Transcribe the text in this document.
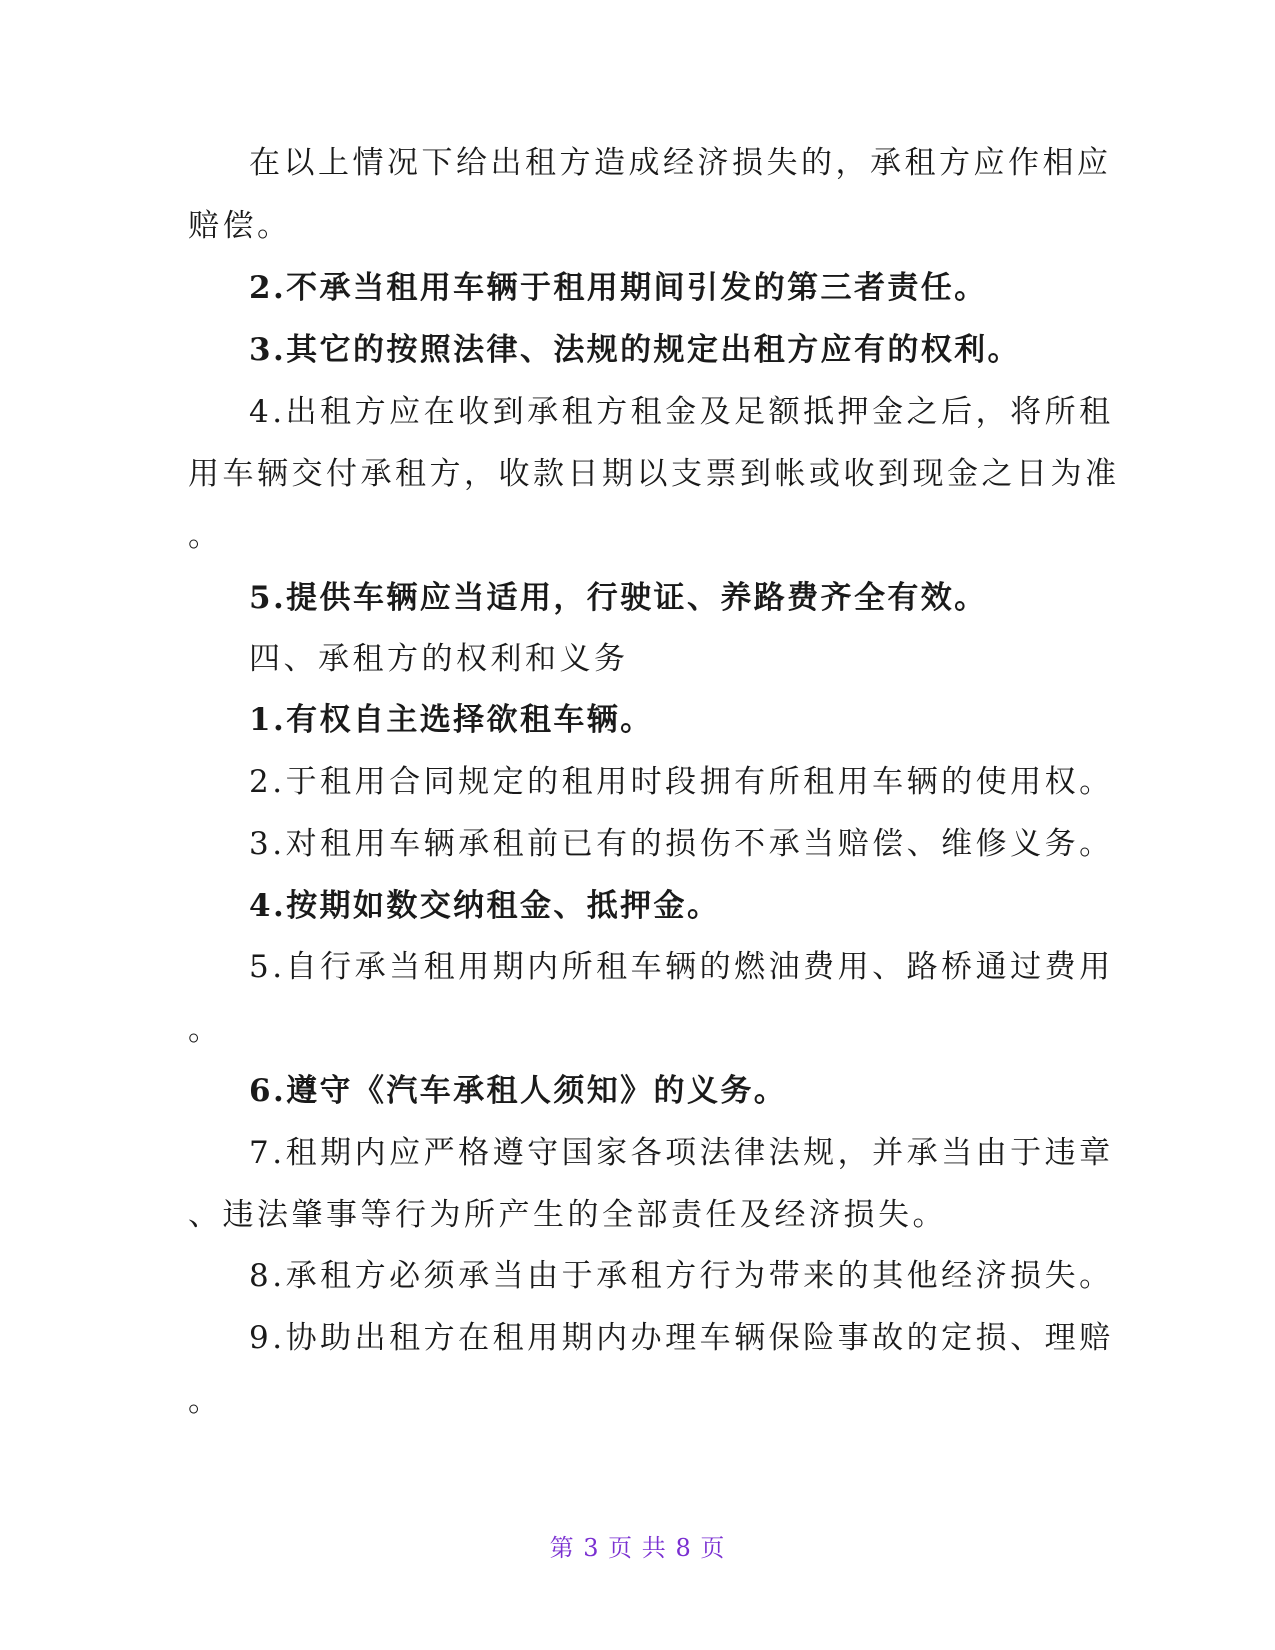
在以上情况下给出租方造成经济损失的，承租方应作相应

赔偿。

2.不承当租用车辆于租用期间引发的第三者责任。

3.其它的按照法律、法规的规定出租方应有的权利。

4.出租方应在收到承租方租金及足额抵押金之后，将所租

用车辆交付承租方，收款日期以支票到帐或收到现金之日为准

。

5.提供车辆应当适用，行驶证、养路费齐全有效。

四、承租方的权利和义务

1.有权自主选择欲租车辆。

2.于租用合同规定的租用时段拥有所租用车辆的使用权。

3.对租用车辆承租前已有的损伤不承当赔偿、维修义务。

4.按期如数交纳租金、抵押金。

5.自行承当租用期内所租车辆的燃油费用、路桥通过费用

。

6.遵守《汽车承租人须知》的义务。

7.租期内应严格遵守国家各项法律法规，并承当由于违章

、违法肇事等行为所产生的全部责任及经济损失。

8.承租方必须承当由于承租方行为带来的其他经济损失。

9.协助出租方在租用期内办理车辆保险事故的定损、理赔

。

第 3 页 共 8 页
